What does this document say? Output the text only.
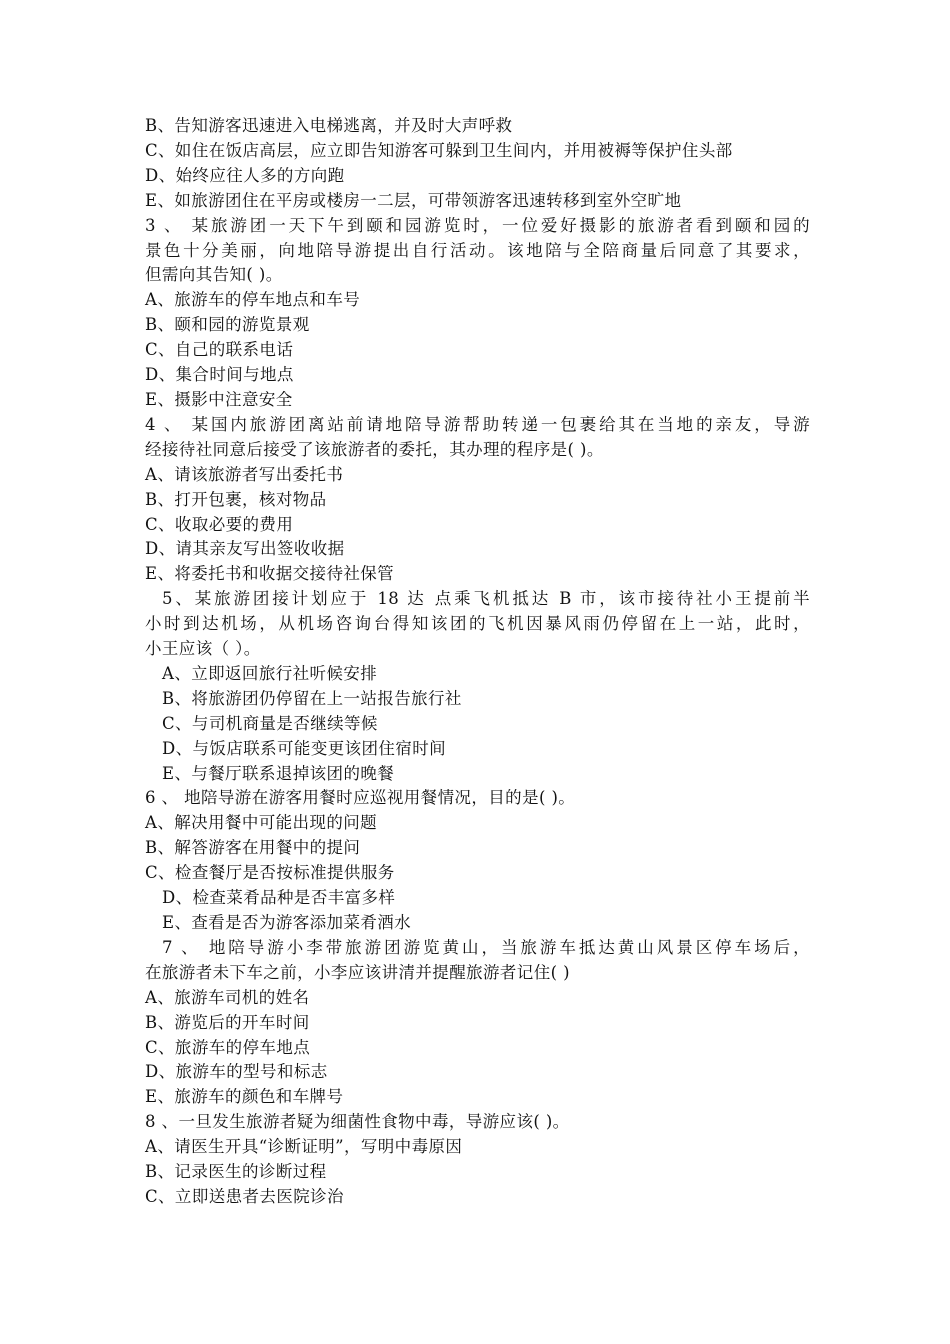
B、告知游客迅速进入电梯逃离，并及时大声呼救
C、如住在饭店高层，应立即告知游客可躲到卫生间内，并用被褥等保护住头部
D、始终应往人多的方向跑
E、如旅游团住在平房或楼房一二层，可带领游客迅速转移到室外空旷地
3 、 某旅游团一天下午到颐和园游览时，一位爱好摄影的旅游者看到颐和园的
景色十分美丽，向地陪导游提出自行活动。该地陪与全陪商量后同意了其要求，
但需向其告知( )。
A、旅游车的停车地点和车号
B、颐和园的游览景观
C、自己的联系电话
D、集合时间与地点
E、摄影中注意安全
4 、 某国内旅游团离站前请地陪导游帮助转递一包裹给其在当地的亲友，导游
经接待社同意后接受了该旅游者的委托，其办理的程序是( )。
A、请该旅游者写出委托书
B、打开包裹，核对物品
C、收取必要的费用
D、请其亲友写出签收收据
E、将委托书和收据交接待社保管
5、某旅游团接计划应于 18 达 点乘飞机抵达 B 市，该市接待社小王提前半
小时到达机场，从机场咨询台得知该团的飞机因暴风雨仍停留在上一站，此时，
小王应该（ ）。
A、立即返回旅行社听候安排
B、将旅游团仍停留在上一站报告旅行社
C、与司机商量是否继续等候
D、与饭店联系可能变更该团住宿时间
E、与餐厅联系退掉该团的晚餐
6 、 地陪导游在游客用餐时应巡视用餐情况，目的是( )。
A、解决用餐中可能出现的问题
B、解答游客在用餐中的提问
C、检查餐厅是否按标准提供服务
D、检查菜肴品种是否丰富多样
E、查看是否为游客添加菜肴酒水
7 、 地陪导游小李带旅游团游览黄山，当旅游车抵达黄山风景区停车场后，
在旅游者未下车之前，小李应该讲清并提醒旅游者记住( )
A、旅游车司机的姓名
B、游览后的开车时间
C、旅游车的停车地点
D、旅游车的型号和标志
E、旅游车的颜色和车牌号
8 、一旦发生旅游者疑为细菌性食物中毒，导游应该( )。
A、请医生开具“诊断证明”，写明中毒原因
B、记录医生的诊断过程
C、立即送患者去医院诊治
